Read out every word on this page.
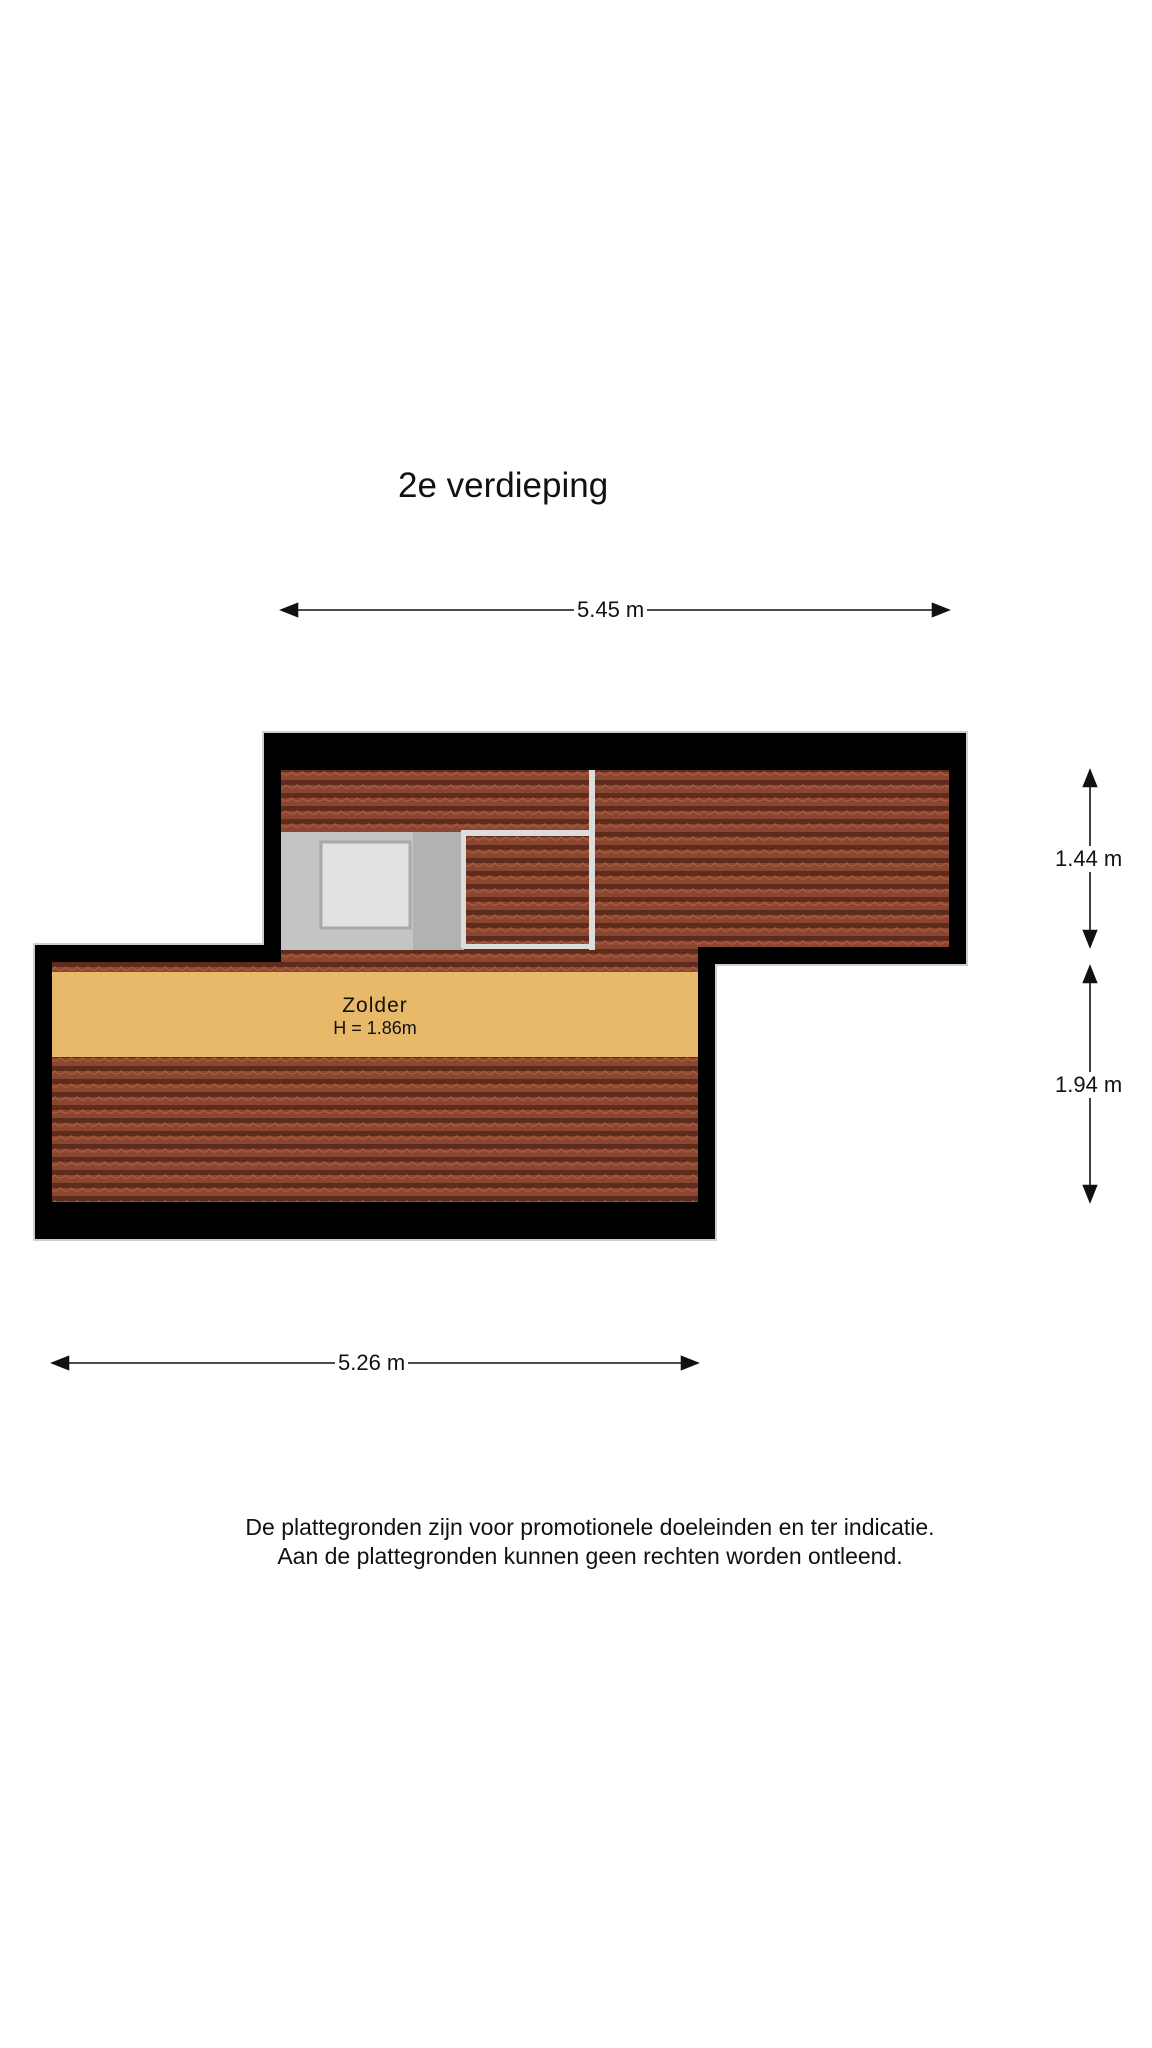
2e verdieping
Zolder
H = 1.86m
5.45 m
5.26 m
1.44 m
1.94 m
De plattegronden zijn voor promotionele doeleinden en ter indicatie.
Aan de plattegronden kunnen geen rechten worden ontleend.
